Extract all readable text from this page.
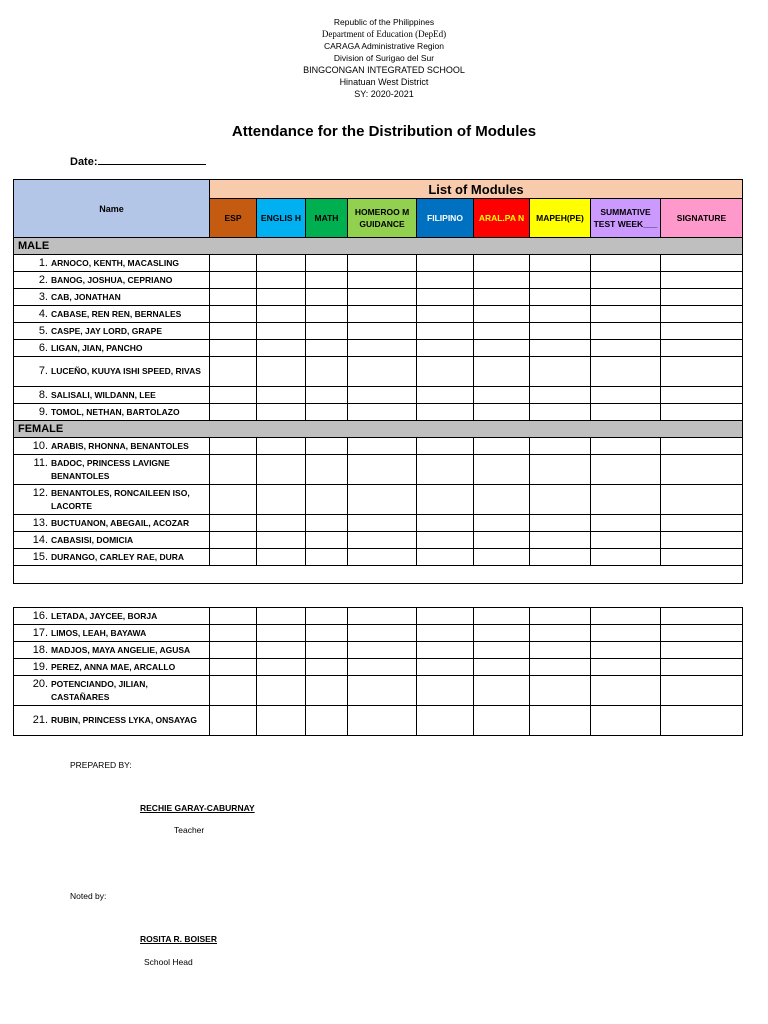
Republic of the Philippines
Department of Education (DepEd)
CARAGA Administrative Region
Division of Surigao del Sur
BINGCONGAN INTEGRATED SCHOOL
Hinatuan West District
SY: 2020-2021
Attendance for the Distribution of Modules
Date:
Name	List of Modules								
	ESP	ENGLIS H	MATH	HOMEROO M GUIDANCE	FILIPINO	ARAL.PA N	MAPEH(PE)	SUMMATIVE TEST WEEK___	SIGNATURE
MALE									
1. ARNOCO, KENTH, MACASLING									
2. BANOG, JOSHUA, CEPRIANO									
3. CAB, JONATHAN									
4. CABASE, REN REN, BERNALES									
5. CASPE, JAY LORD, GRAPE									
6. LIGAN, JIAN, PANCHO									
7. LUCEÑO, KUUYA ISHI SPEED, RIVAS									
8. SALISALI, WILDANN, LEE									
9. TOMOL, NETHAN, BARTOLAZO									
FEMALE									
10. ARABIS, RHONNA, BENANTOLES									
11. BADOC, PRINCESS LAVIGNE BENANTOLES									
12. BENANTOLES, RONCAILEEN ISO, LACORTE									
13. BUCTUANON, ABEGAIL, ACOZAR									
14. CABASISI, DOMICIA									
15. DURANGO, CARLEY RAE, DURA									

16. LETADA, JAYCEE, BORJA									
17. LIMOS, LEAH, BAYAWA									
18. MADJOS, MAYA ANGELIE, AGUSA									
19. PEREZ, ANNA MAE, ARCALLO									
20. POTENCIANDO, JILIAN, CASTAÑARES									
21. RUBIN, PRINCESS LYKA, ONSAYAG									
PREPARED BY:
RECHIE GARAY-CABURNAY
Teacher
Noted by:
ROSITA R. BOISER
School Head
